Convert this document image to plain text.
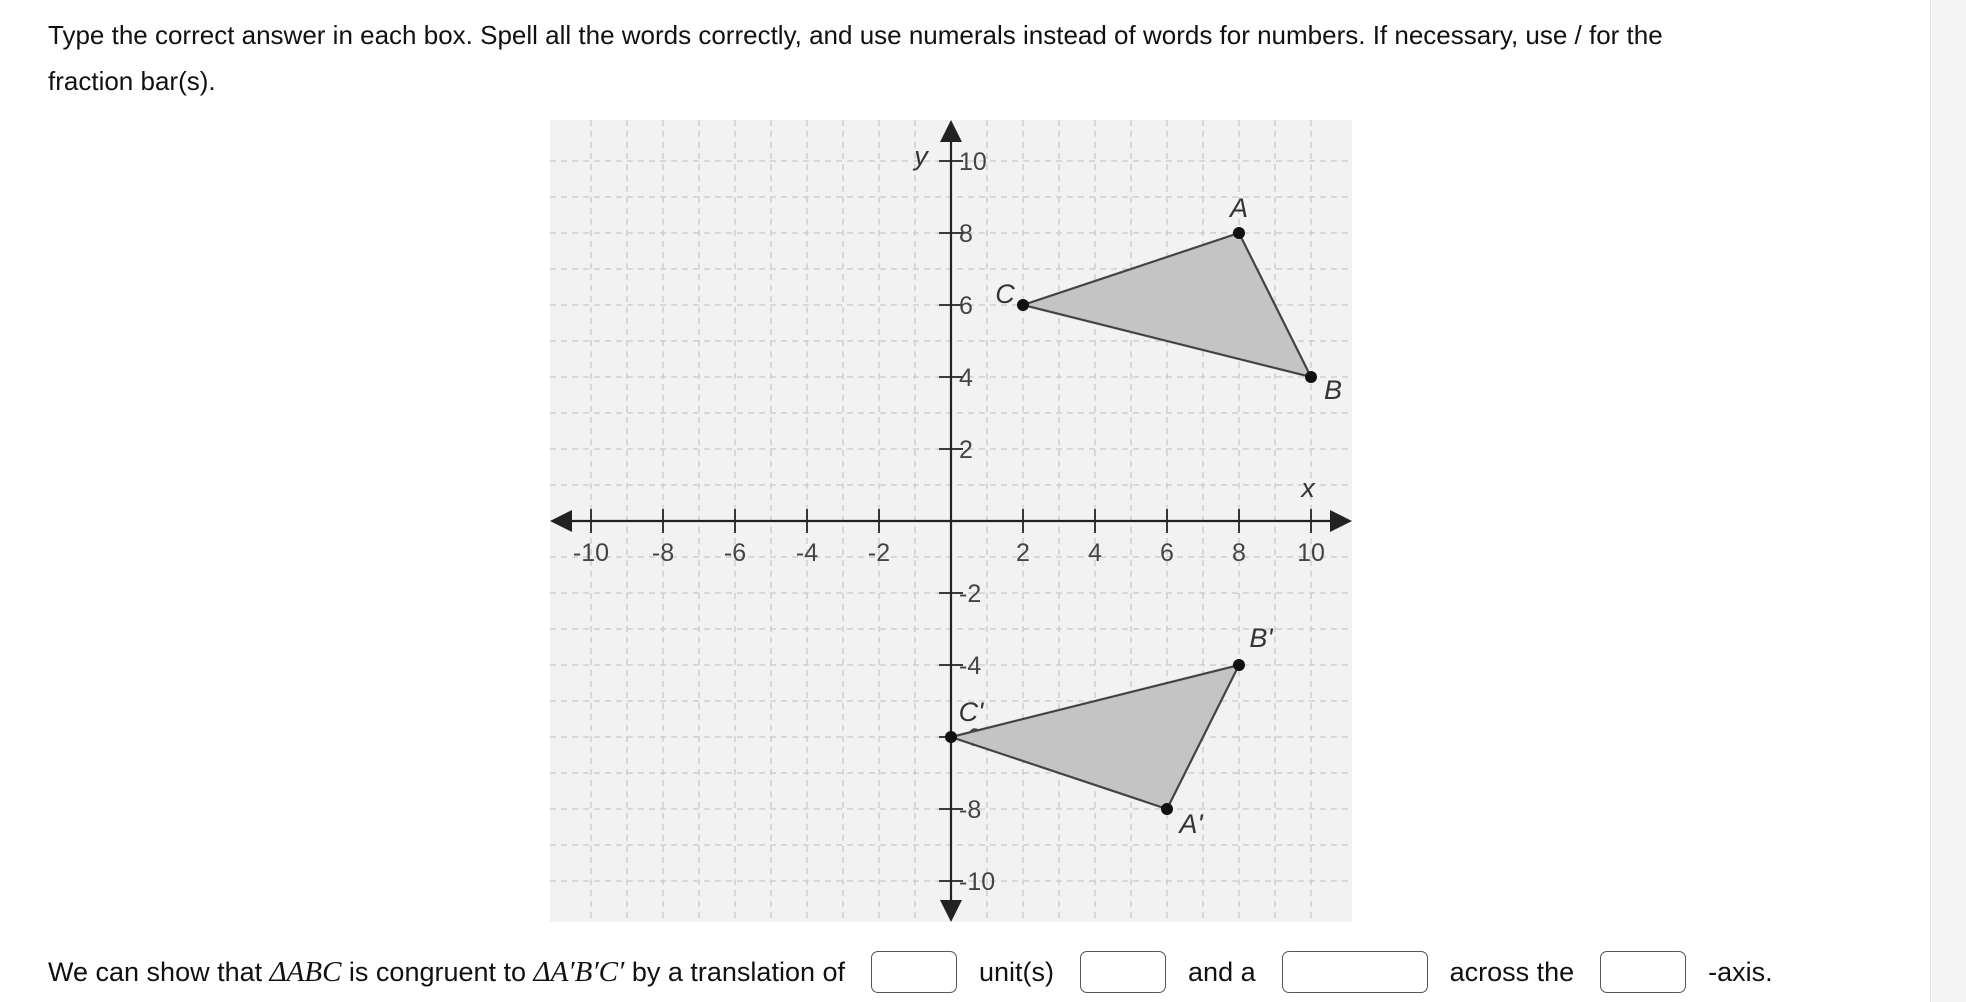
Type the correct answer in each box. Spell all the words correctly, and use numerals instead of words for numbers. If necessary, use / for the
fraction bar(s).
-10 -8 -6 -4 -2	2 4 6 8 10
10
8
6
4
2
-2
-4
-8
-10
x
y
A
B
C
A'
B'
C'
We can show that ΔABC is congruent to ΔA′B′C′ by a translation of	unit(s)	and a	across the	-axis.
